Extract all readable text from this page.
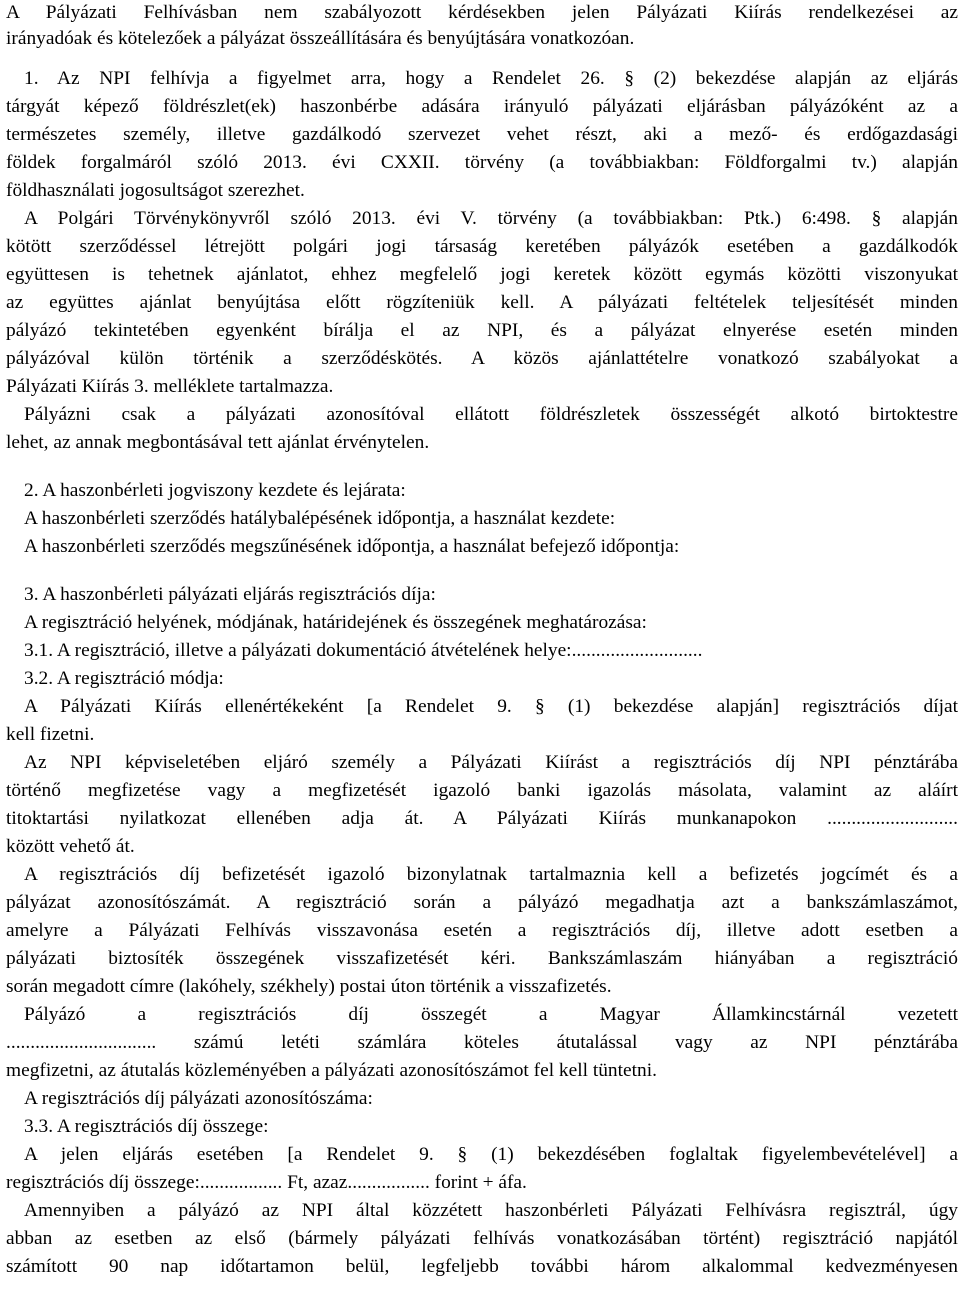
A Pályázati Felhívásban nem szabályozott kérdésekben jelen Pályázati Kiírás rendelkezései az
irányadóak és kötelezőek a pályázat összeállítására és benyújtására vonatkozóan.
1. Az NPI felhívja a figyelmet arra, hogy a Rendelet 26. § (2) bekezdése alapján az eljárás
tárgyát képező földrészlet(ek) haszonbérbe adására irányuló pályázati eljárásban pályázóként az a
természetes személy, illetve gazdálkodó szervezet vehet részt, aki a mező- és erdőgazdasági
földek forgalmáról szóló 2013. évi CXXII. törvény (a továbbiakban: Földforgalmi tv.) alapján
földhasználati jogosultságot szerezhet.
A Polgári Törvénykönyvről szóló 2013. évi V. törvény (a továbbiakban: Ptk.) 6:498. § alapján
kötött szerződéssel létrejött polgári jogi társaság keretében pályázók esetében a gazdálkodók
együttesen is tehetnek ajánlatot, ehhez megfelelő jogi keretek között egymás közötti viszonyukat
az együttes ajánlat benyújtása előtt rögzíteniük kell. A pályázati feltételek teljesítését minden
pályázó tekintetében egyenként bírálja el az NPI, és a pályázat elnyerése esetén minden
pályázóval külön történik a szerződéskötés. A közös ajánlattételre vonatkozó szabályokat a
Pályázati Kiírás 3. melléklete tartalmazza.
Pályázni csak a pályázati azonosítóval ellátott földrészletek összességét alkotó birtoktestre
lehet, az annak megbontásával tett ajánlat érvénytelen.
2. A haszonbérleti jogviszony kezdete és lejárata:
A haszonbérleti szerződés hatálybalépésének időpontja, a használat kezdete:
A haszonbérleti szerződés megszűnésének időpontja, a használat befejező időpontja:
3. A haszonbérleti pályázati eljárás regisztrációs díja:
A regisztráció helyének, módjának, határidejének és összegének meghatározása:
3.1. A regisztráció, illetve a pályázati dokumentáció átvételének helye:...........................
3.2. A regisztráció módja:
A Pályázati Kiírás ellenértékeként [a Rendelet 9. § (1) bekezdése alapján] regisztrációs díjat
kell fizetni.
Az NPI képviseletében eljáró személy a Pályázati Kiírást a regisztrációs díj NPI pénztárába
történő megfizetése vagy a megfizetését igazoló banki igazolás másolata, valamint az aláírt
titoktartási nyilatkozat ellenében adja át. A Pályázati Kiírás munkanapokon ...........................
között vehető át.
A regisztrációs díj befizetését igazoló bizonylatnak tartalmaznia kell a befizetés jogcímét és a
pályázat azonosítószámát. A regisztráció során a pályázó megadhatja azt a bankszámlaszámot,
amelyre a Pályázati Felhívás visszavonása esetén a regisztrációs díj, illetve adott esetben a
pályázati biztosíték összegének visszafizetését kéri. Bankszámlaszám hiányában a regisztráció
során megadott címre (lakóhely, székhely) postai úton történik a visszafizetés.
Pályázó a regisztrációs díj összegét a Magyar Államkincstárnál vezetett
............................... számú letéti számlára köteles átutalással vagy az NPI pénztárába
megfizetni, az átutalás közleményében a pályázati azonosítószámot fel kell tüntetni.
A regisztrációs díj pályázati azonosítószáma:
3.3. A regisztrációs díj összege:
A jelen eljárás esetében [a Rendelet 9. § (1) bekezdésében foglaltak figyelembevételével] a
regisztrációs díj összege:................. Ft, azaz................. forint + áfa.
Amennyiben a pályázó az NPI által közzétett haszonbérleti Pályázati Felhívásra regisztrál, úgy
abban az esetben az első (bármely pályázati felhívás vonatkozásában történt) regisztráció napjától
számított 90 nap időtartamon belül, legfeljebb további három alkalommal kedvezményesen
